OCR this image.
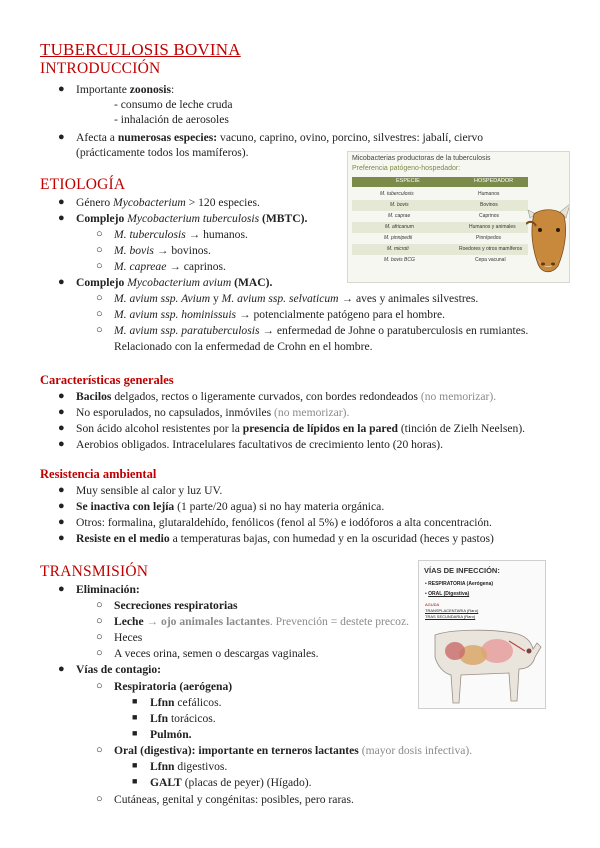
TUBERCULOSIS BOVINA
INTRODUCCIÓN
● Importante zoonosis:
- consumo de leche cruda
- inhalación de aerosoles
● Afecta a numerosas especies: vacuno, caprino, ovino, porcino, silvestres: jabalí, ciervo
(prácticamente todos los mamíferos).	Micobacterias productoras de la tuberculosis
Preferencia patógeno-hospedador:
ESPECIE	HOSPEDADOR
M. tuberculosis	Humanos
M. bovis	Bovinos
M. caprae	Caprinos
M. africanum	Humanos y animales
M. pinnipedii	Pinnípedos
M. microti	Roedores y otros mamíferos
M. bovis BCG	Cepa vacunal
ETIOLOGÍA
● Género Mycobacterium > 120 especies.
● Complejo Mycobacterium tuberculosis (MBTC).
○ M. tuberculosis → humanos.
○ M. bovis → bovinos.
○ M. capreae → caprinos.
● Complejo Mycobacterium avium (MAC).
○ M. avium ssp. Avium y M. avium ssp. selvaticum → aves y animales silvestres.
○ M. avium ssp. hominissuis → potencialmente patógeno para el hombre.
○ M. avium ssp. paratuberculosis → enfermedad de Johne o paratuberculosis en rumiantes.
Relacionado con la enfermedad de Crohn en el hombre.
Características generales
● Bacilos delgados, rectos o ligeramente curvados, con bordes redondeados (no memorizar).
● No esporulados, no capsulados, inmóviles (no memorizar).
● Son ácido alcohol resistentes por la presencia de lípidos en la pared (tinción de Zielh Neelsen).
● Aerobios obligados. Intracelulares facultativos de crecimiento lento (20 horas).
Resistencia ambiental
● Muy sensible al calor y luz UV.
● Se inactiva con lejía (1 parte/20 agua) si no hay materia orgánica.
● Otros: formalina, glutaraldehído, fenólicos (fenol al 5%) e iodóforos a alta concentración.
● Resiste en el medio a temperaturas bajas, con humedad y en la oscuridad (heces y pastos)
TRANSMISIÓN
● Eliminación:
○ Secreciones respiratorias
○ Leche → ojo animales lactantes. Prevención = destete precoz.
○ Heces
○ A veces orina, semen o descargas vaginales.
● Vías de contagio:
○ Respiratoria (aerógena)
■ Lfnn cefálicos.
■ Lfn torácicos.
■ Pulmón.
○ Oral (digestiva): importante en terneros lactantes (mayor dosis infectiva).
■ Lfnn digestivos.
■ GALT (placas de peyer) (Hígado).
○ Cutáneas, genital y congénitas: posibles, pero raras.
VÍAS DE INFECCIÓN:
• RESPIRATORIA (Aerógena)
• ORAL (Digestiva)
AGUDA
TRANSPLACENTARIA (Raro)
TRAS SECUNDARIA (Raro)
